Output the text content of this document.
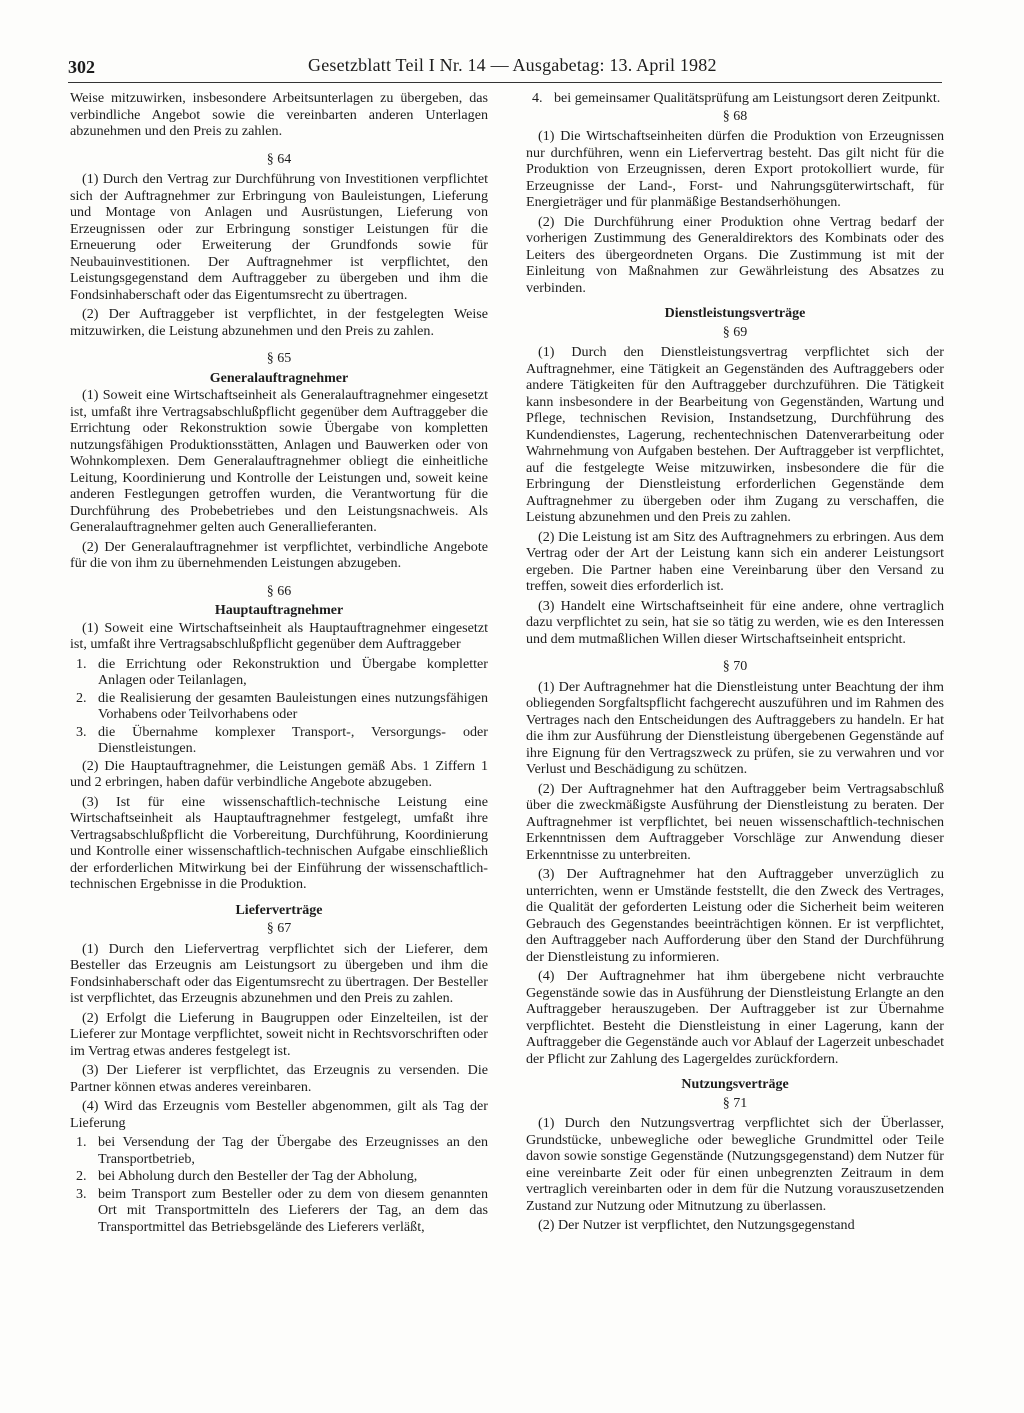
302	Gesetzblatt Teil I Nr. 14 — Ausgabetag: 13. April 1982

Weise mitzuwirken, insbesondere Arbeitsunterlagen zu übergeben, das verbindliche Angebot sowie die vereinbarten anderen Unterlagen abzunehmen und den Preis zu zahlen.

§ 64

(1) Durch den Vertrag zur Durchführung von Investitionen verpflichtet sich der Auftragnehmer zur Erbringung von Bauleistungen, Lieferung und Montage von Anlagen und Ausrüstungen, Lieferung von Erzeugnissen oder zur Erbringung sonstiger Leistungen für die Erneuerung oder Erweiterung der Grundfonds sowie für Neubauinvestitionen. Der Auftragnehmer ist verpflichtet, den Leistungsgegenstand dem Auftraggeber zu übergeben und ihm die Fondsinhaberschaft oder das Eigentumsrecht zu übertragen.

(2) Der Auftraggeber ist verpflichtet, in der festgelegten Weise mitzuwirken, die Leistung abzunehmen und den Preis zu zahlen.

§ 65
Generalauftragnehmer

(1) Soweit eine Wirtschaftseinheit als Generalauftragnehmer eingesetzt ist, umfaßt ihre Vertragsabschlußpflicht gegenüber dem Auftraggeber die Errichtung oder Rekonstruktion sowie Übergabe von kompletten nutzungsfähigen Produktionsstätten, Anlagen und Bauwerken oder von Wohnkomplexen. Dem Generalauftragnehmer obliegt die einheitliche Leitung, Koordinierung und Kontrolle der Leistungen und, soweit keine anderen Festlegungen getroffen wurden, die Verantwortung für die Durchführung des Probebetriebes und den Leistungsnachweis. Als Generalauftragnehmer gelten auch Generallieferanten.

(2) Der Generalauftragnehmer ist verpflichtet, verbindliche Angebote für die von ihm zu übernehmenden Leistungen abzugeben.

§ 66
Hauptauftragnehmer

(1) Soweit eine Wirtschaftseinheit als Hauptauftragnehmer eingesetzt ist, umfaßt ihre Vertragsabschlußpflicht gegenüber dem Auftraggeber

1. die Errichtung oder Rekonstruktion und Übergabe kompletter Anlagen oder Teilanlagen,
2. die Realisierung der gesamten Bauleistungen eines nutzungsfähigen Vorhabens oder Teilvorhabens oder
3. die Übernahme komplexer Transport-, Versorgungs- oder Dienstleistungen.

(2) Die Hauptauftragnehmer, die Leistungen gemäß Abs. 1 Ziffern 1 und 2 erbringen, haben dafür verbindliche Angebote abzugeben.

(3) Ist für eine wissenschaftlich-technische Leistung eine Wirtschaftseinheit als Hauptauftragnehmer festgelegt, umfaßt ihre Vertragsabschlußpflicht die Vorbereitung, Durchführung, Koordinierung und Kontrolle einer wissenschaftlich-technischen Aufgabe einschließlich der erforderlichen Mitwirkung bei der Einführung der wissenschaftlich-technischen Ergebnisse in die Produktion.

Lieferverträge
§ 67

(1) Durch den Liefervertrag verpflichtet sich der Lieferer, dem Besteller das Erzeugnis am Leistungsort zu übergeben und ihm die Fondsinhaberschaft oder das Eigentumsrecht zu übertragen. Der Besteller ist verpflichtet, das Erzeugnis abzunehmen und den Preis zu zahlen.

(2) Erfolgt die Lieferung in Baugruppen oder Einzelteilen, ist der Lieferer zur Montage verpflichtet, soweit nicht in Rechtsvorschriften oder im Vertrag etwas anderes festgelegt ist.

(3) Der Lieferer ist verpflichtet, das Erzeugnis zu versenden. Die Partner können etwas anderes vereinbaren.

(4) Wird das Erzeugnis vom Besteller abgenommen, gilt als Tag der Lieferung

1. bei Versendung der Tag der Übergabe des Erzeugnisses an den Transportbetrieb,
2. bei Abholung durch den Besteller der Tag der Abholung,
3. beim Transport zum Besteller oder zu dem von diesem genannten Ort mit Transportmitteln des Lieferers der Tag, an dem das Transportmittel das Betriebsgelände des Lieferers verläßt,
4. bei gemeinsamer Qualitätsprüfung am Leistungsort deren Zeitpunkt.
§ 68

(1) Die Wirtschaftseinheiten dürfen die Produktion von Erzeugnissen nur durchführen, wenn ein Liefervertrag besteht. Das gilt nicht für die Produktion von Erzeugnissen, deren Export protokolliert wurde, für Erzeugnisse der Land-, Forst- und Nahrungsgüterwirtschaft, für Energieträger und für planmäßige Bestandserhöhungen.

(2) Die Durchführung einer Produktion ohne Vertrag bedarf der vorherigen Zustimmung des Generaldirektors des Kombinats oder des Leiters des übergeordneten Organs. Die Zustimmung ist mit der Einleitung von Maßnahmen zur Gewährleistung des Absatzes zu verbinden.

Dienstleistungsverträge
§ 69

(1) Durch den Dienstleistungsvertrag verpflichtet sich der Auftragnehmer, eine Tätigkeit an Gegenständen des Auftraggebers oder andere Tätigkeiten für den Auftraggeber durchzuführen. Die Tätigkeit kann insbesondere in der Bearbeitung von Gegenständen, Wartung und Pflege, technischen Revision, Instandsetzung, Durchführung des Kundendienstes, Lagerung, rechentechnischen Datenverarbeitung oder Wahrnehmung von Aufgaben bestehen. Der Auftraggeber ist verpflichtet, auf die festgelegte Weise mitzuwirken, insbesondere die für die Erbringung der Dienstleistung erforderlichen Gegenstände dem Auftragnehmer zu übergeben oder ihm Zugang zu verschaffen, die Leistung abzunehmen und den Preis zu zahlen.

(2) Die Leistung ist am Sitz des Auftragnehmers zu erbringen. Aus dem Vertrag oder der Art der Leistung kann sich ein anderer Leistungsort ergeben. Die Partner haben eine Vereinbarung über den Versand zu treffen, soweit dies erforderlich ist.

(3) Handelt eine Wirtschaftseinheit für eine andere, ohne vertraglich dazu verpflichtet zu sein, hat sie so tätig zu werden, wie es den Interessen und dem mutmaßlichen Willen dieser Wirtschaftseinheit entspricht.

§ 70

(1) Der Auftragnehmer hat die Dienstleistung unter Beachtung der ihm obliegenden Sorgfaltspflicht fachgerecht auszuführen und im Rahmen des Vertrages nach den Entscheidungen des Auftraggebers zu handeln. Er hat die ihm zur Ausführung der Dienstleistung übergebenen Gegenstände auf ihre Eignung für den Vertragszweck zu prüfen, sie zu verwahren und vor Verlust und Beschädigung zu schützen.

(2) Der Auftragnehmer hat den Auftraggeber beim Vertragsabschluß über die zweckmäßigste Ausführung der Dienstleistung zu beraten. Der Auftragnehmer ist verpflichtet, bei neuen wissenschaftlich-technischen Erkenntnissen dem Auftraggeber Vorschläge zur Anwendung dieser Erkenntnisse zu unterbreiten.

(3) Der Auftragnehmer hat den Auftraggeber unverzüglich zu unterrichten, wenn er Umstände feststellt, die den Zweck des Vertrages, die Qualität der geforderten Leistung oder die Sicherheit beim weiteren Gebrauch des Gegenstandes beeinträchtigen können. Er ist verpflichtet, den Auftraggeber nach Aufforderung über den Stand der Durchführung der Dienstleistung zu informieren.

(4) Der Auftragnehmer hat ihm übergebene nicht verbrauchte Gegenstände sowie das in Ausführung der Dienstleistung Erlangte an den Auftraggeber herauszugeben. Der Auftraggeber ist zur Übernahme verpflichtet. Besteht die Dienstleistung in einer Lagerung, kann der Auftraggeber die Gegenstände auch vor Ablauf der Lagerzeit unbeschadet der Pflicht zur Zahlung des Lagergeldes zurückfordern.

Nutzungsverträge
§ 71

(1) Durch den Nutzungsvertrag verpflichtet sich der Überlasser, Grundstücke, unbewegliche oder bewegliche Grundmittel oder Teile davon sowie sonstige Gegenstände (Nutzungsgegenstand) dem Nutzer für eine vereinbarte Zeit oder für einen unbegrenzten Zeitraum in dem vertraglich vereinbarten oder in dem für die Nutzung vorauszusetzenden Zustand zur Nutzung oder Mitnutzung zu überlassen.

(2) Der Nutzer ist verpflichtet, den Nutzungsgegenstand
